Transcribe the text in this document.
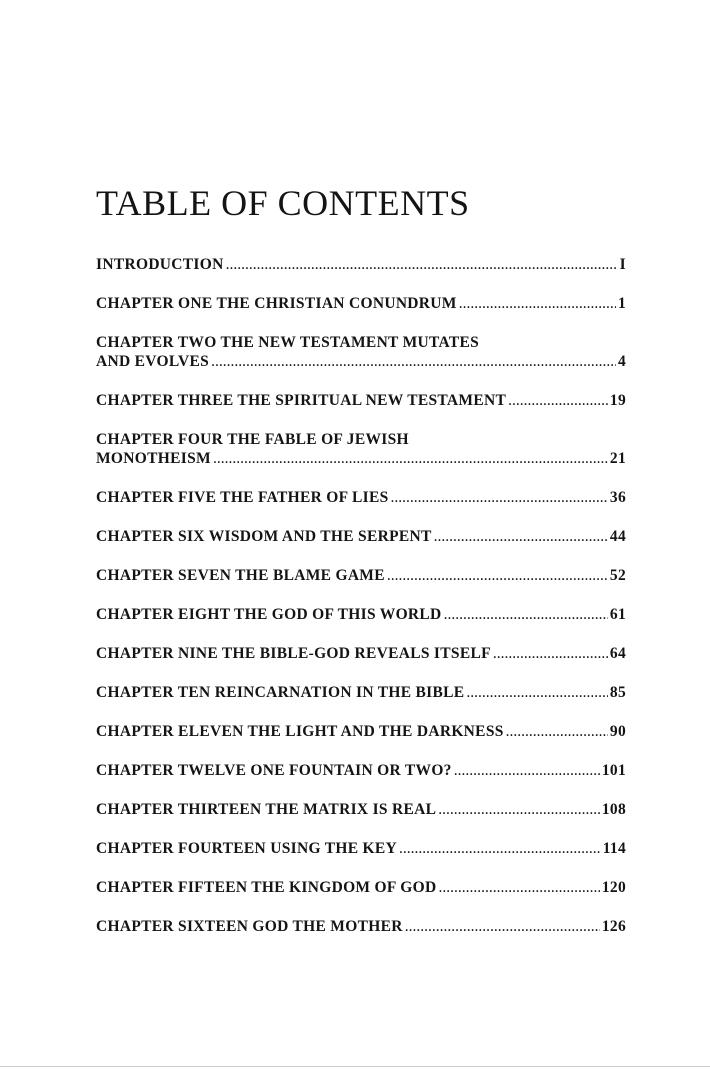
TABLE OF CONTENTS
INTRODUCTION .....	I
CHAPTER ONE THE CHRISTIAN CONUNDRUM .....	1
CHAPTER TWO THE NEW TESTAMENT MUTATES
AND EVOLVES .....	4
CHAPTER THREE THE SPIRITUAL NEW TESTAMENT .....	19
CHAPTER FOUR THE FABLE OF JEWISH
MONOTHEISM .....	21
CHAPTER FIVE THE FATHER OF LIES .....	36
CHAPTER SIX WISDOM AND THE SERPENT .....	44
CHAPTER SEVEN THE BLAME GAME .....	52
CHAPTER EIGHT THE GOD OF THIS WORLD .....	61
CHAPTER NINE THE BIBLE-GOD REVEALS ITSELF .....	64
CHAPTER TEN REINCARNATION IN THE BIBLE .....	85
CHAPTER ELEVEN THE LIGHT AND THE DARKNESS .....	90
CHAPTER TWELVE ONE FOUNTAIN OR TWO? .....	101
CHAPTER THIRTEEN THE MATRIX IS REAL .....	108
CHAPTER FOURTEEN USING THE KEY .....	114
CHAPTER FIFTEEN THE KINGDOM OF GOD .....	120
CHAPTER SIXTEEN GOD THE MOTHER .....	126
